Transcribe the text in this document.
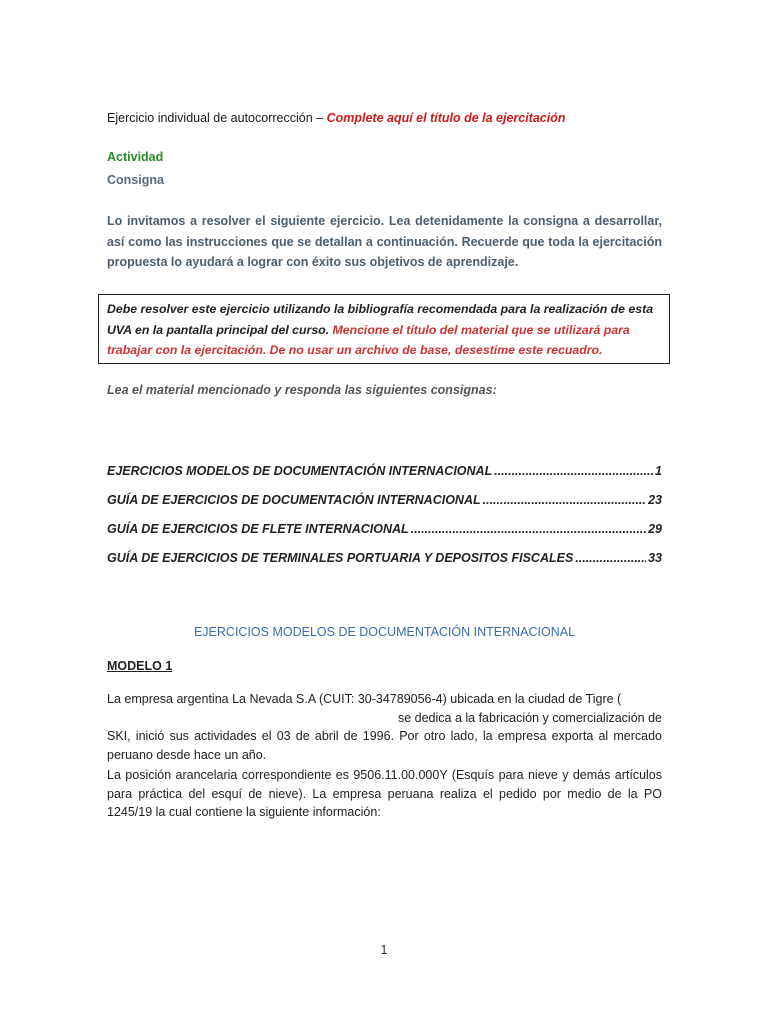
Ejercicio individual de autocorrección – Complete aquí el título de la ejercitación
Actividad
Consigna
Lo invitamos a resolver el siguiente ejercicio. Lea detenidamente la consigna a desarrollar, así como las instrucciones que se detallan a continuación. Recuerde que toda la ejercitación propuesta lo ayudará a lograr con éxito sus objetivos de aprendizaje.
Debe resolver este ejercicio utilizando la bibliografía recomendada para la realización de esta UVA en la pantalla principal del curso. Mencione el título del material que se utilizará para trabajar con la ejercitación. De no usar un archivo de base, desestime este recuadro.
Lea el material mencionado y responda las siguientes consignas:
EJERCICIOS MODELOS DE DOCUMENTACIÓN INTERNACIONAL .....	1
GUÍA DE EJERCICIOS DE DOCUMENTACIÓN INTERNACIONAL .....	23
GUÍA DE EJERCICIOS DE FLETE INTERNACIONAL .....	29
GUÍA DE EJERCICIOS DE TERMINALES PORTUARIA Y DEPOSITOS FISCALES .....	33
EJERCICIOS MODELOS DE DOCUMENTACIÓN INTERNACIONAL
MODELO 1
La empresa argentina La Nevada S.A (CUIT: 30-34789056-4) ubicada en la ciudad de Tigre (
se dedica a la fabricación y comercialización de
SKI, inició sus actividades el 03 de abril de 1996. Por otro lado, la empresa exporta al mercado peruano desde hace un año.
La posición arancelaria correspondiente es 9506.11.00.000Y (Esquís para nieve y demás artículos para práctica del esquí de nieve). La empresa peruana realiza el pedido por medio de la PO 1245/19 la cual contiene la siguiente información:
1
